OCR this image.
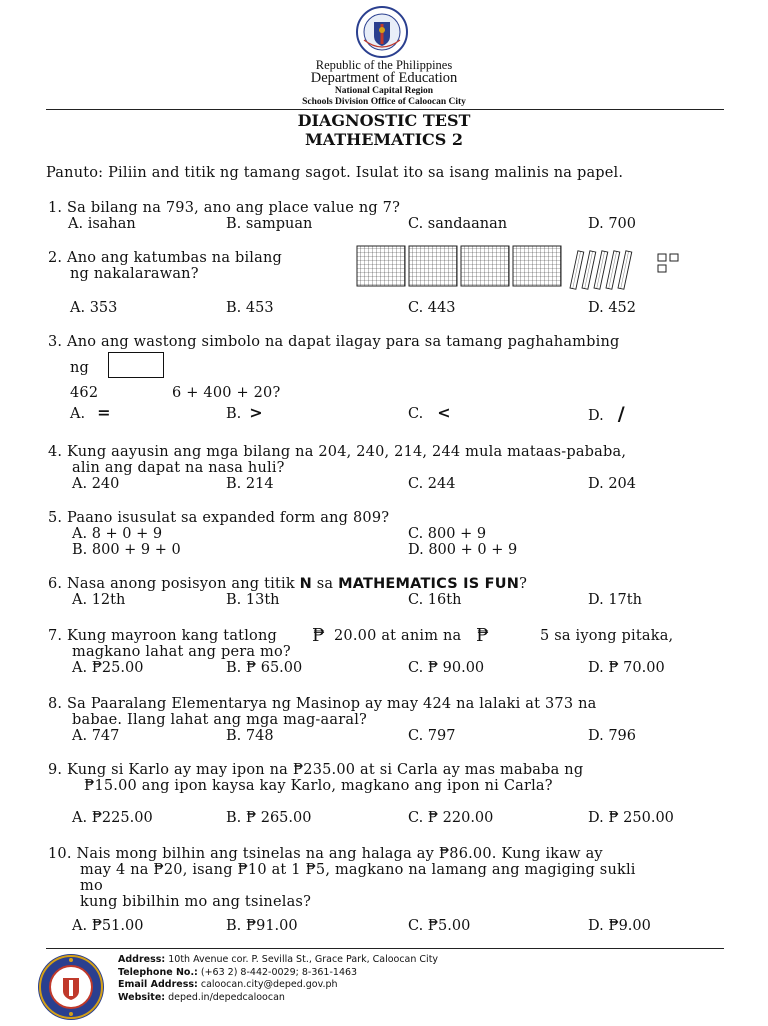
Republic of the Philippines
Department of Education
National Capital Region
Schools Division Office of Caloocan City
DIAGNOSTIC TEST
MATHEMATICS 2
Panuto: Piliin and titik ng tamang sagot. Isulat ito sa isang malinis na papel.
1. Sa bilang na 793, ano ang place value ng 7?
A. isahan	B. sampuan	C. sandaanan	D. 700
2. Ano ang katumbas na bilang
ng nakalarawan?
A. 353	B. 453	C. 443	D. 452
3. Ano ang wastong simbolo na dapat ilagay para sa tamang paghahambing
ng
462	6 + 400 + 20?
A. =	B. >	C. <	D. /
4. Kung aayusin ang mga bilang na 204, 240, 214, 244 mula mataas-pababa,
alin ang dapat na nasa huli?
A. 240	B. 214	C. 244	D. 204
5. Paano isusulat sa expanded form ang 809?
A. 8 + 0 + 9	C. 800 + 9
B. 800 + 9 + 0	D. 800 + 0 + 9
6. Nasa anong posisyon ang titik N sa MATHEMATICS IS FUN?
A. 12th	B. 13th	C. 16th	D. 17th
7. Kung mayroon kang tatlong	20.00 at anim na	5 sa iyong pitaka,
₱	₱
magkano lahat ang pera mo?
A. ₱25.00	B. ₱ 65.00	C. ₱ 90.00	D. ₱ 70.00
8. Sa Paaralang Elementarya ng Masinop ay may 424 na lalaki at 373 na
babae. Ilang lahat ang mga mag-aaral?
A. 747	B. 748	C. 797	D. 796
9. Kung si Karlo ay may ipon na ₱235.00 at si Carla ay mas mababa ng
₱15.00 ang ipon kaysa kay Karlo, magkano ang ipon ni Carla?
A. ₱225.00	B. ₱ 265.00	C. ₱ 220.00	D. ₱ 250.00
10. Nais mong bilhin ang tsinelas na ang halaga ay ₱86.00. Kung ikaw ay
may 4 na ₱20, isang ₱10 at 1 ₱5, magkano na lamang ang magiging sukli
mo
kung bibilhin mo ang tsinelas?
A. ₱51.00	B. ₱91.00	C. ₱5.00	D. ₱9.00
Address: 10th Avenue cor. P. Sevilla St., Grace Park, Caloocan City
Telephone No.: (+63 2) 8-442-0029; 8-361-1463
Email Address: caloocan.city@deped.gov.ph
Website: deped.in/depedcaloocan
